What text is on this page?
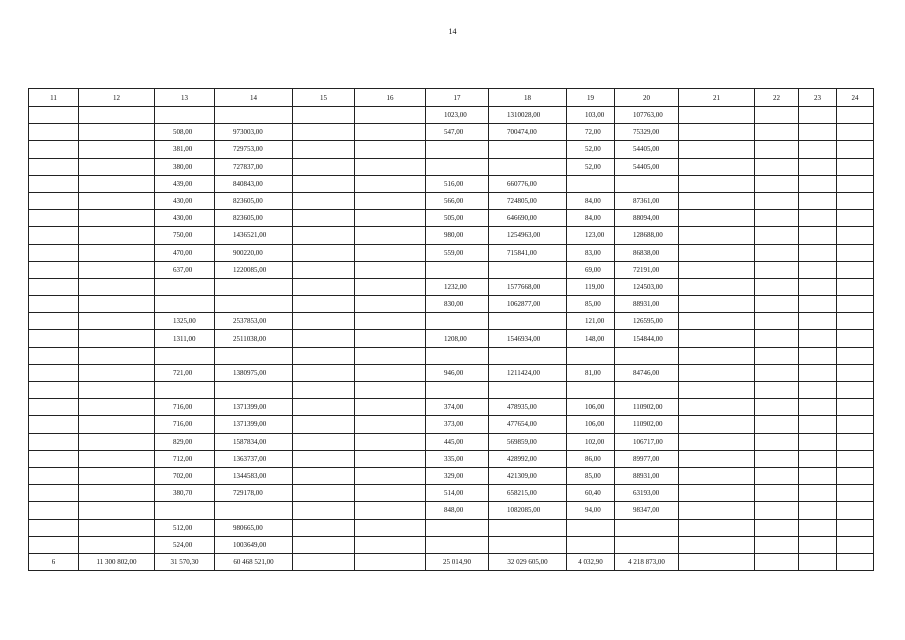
14
11	12	13	14	15	16	17	18	19	20	21	22	23	24
						1023,00	1310028,00	103,00	107763,00				
		508,00	973003,00			547,00	700474,00	72,00	75329,00				
		381,00	729753,00					52,00	54405,00				
		380,00	727837,00					52,00	54405,00				
		439,00	840843,00			516,00	660776,00						
		430,00	823605,00			566,00	724805,00	84,00	87361,00				
		430,00	823605,00			505,00	646690,00	84,00	88094,00				
		750,00	1436521,00			980,00	1254963,00	123,00	128688,00				
		470,00	900220,00			559,00	715841,00	83,00	86838,00				
		637,00	1220085,00					69,00	72191,00				
						1232,00	1577668,00	119,00	124503,00				
						830,00	1062877,00	85,00	88931,00				
		1325,00	2537853,00					121,00	126595,00				
		1311,00	2511038,00			1208,00	1546934,00	148,00	154844,00				

		721,00	1380975,00			946,00	1211424,00	81,00	84746,00				

		716,00	1371399,00			374,00	478935,00	106,00	110902,00				
		716,00	1371399,00			373,00	477654,00	106,00	110902,00				
		829,00	1587834,00			445,00	569859,00	102,00	106717,00				
		712,00	1363737,00			335,00	428992,00	86,00	89977,00				
		702,00	1344583,00			329,00	421309,00	85,00	88931,00				
		380,70	729178,00			514,00	658215,00	60,40	63193,00				
						848,00	1082085,00	94,00	98347,00				
		512,00	980665,00										
		524,00	1003649,00										
6	11 300 802,00	31 570,30	60 468 521,00			25 014,90	32 029 605,00	4 032,90	4 218 873,00				
